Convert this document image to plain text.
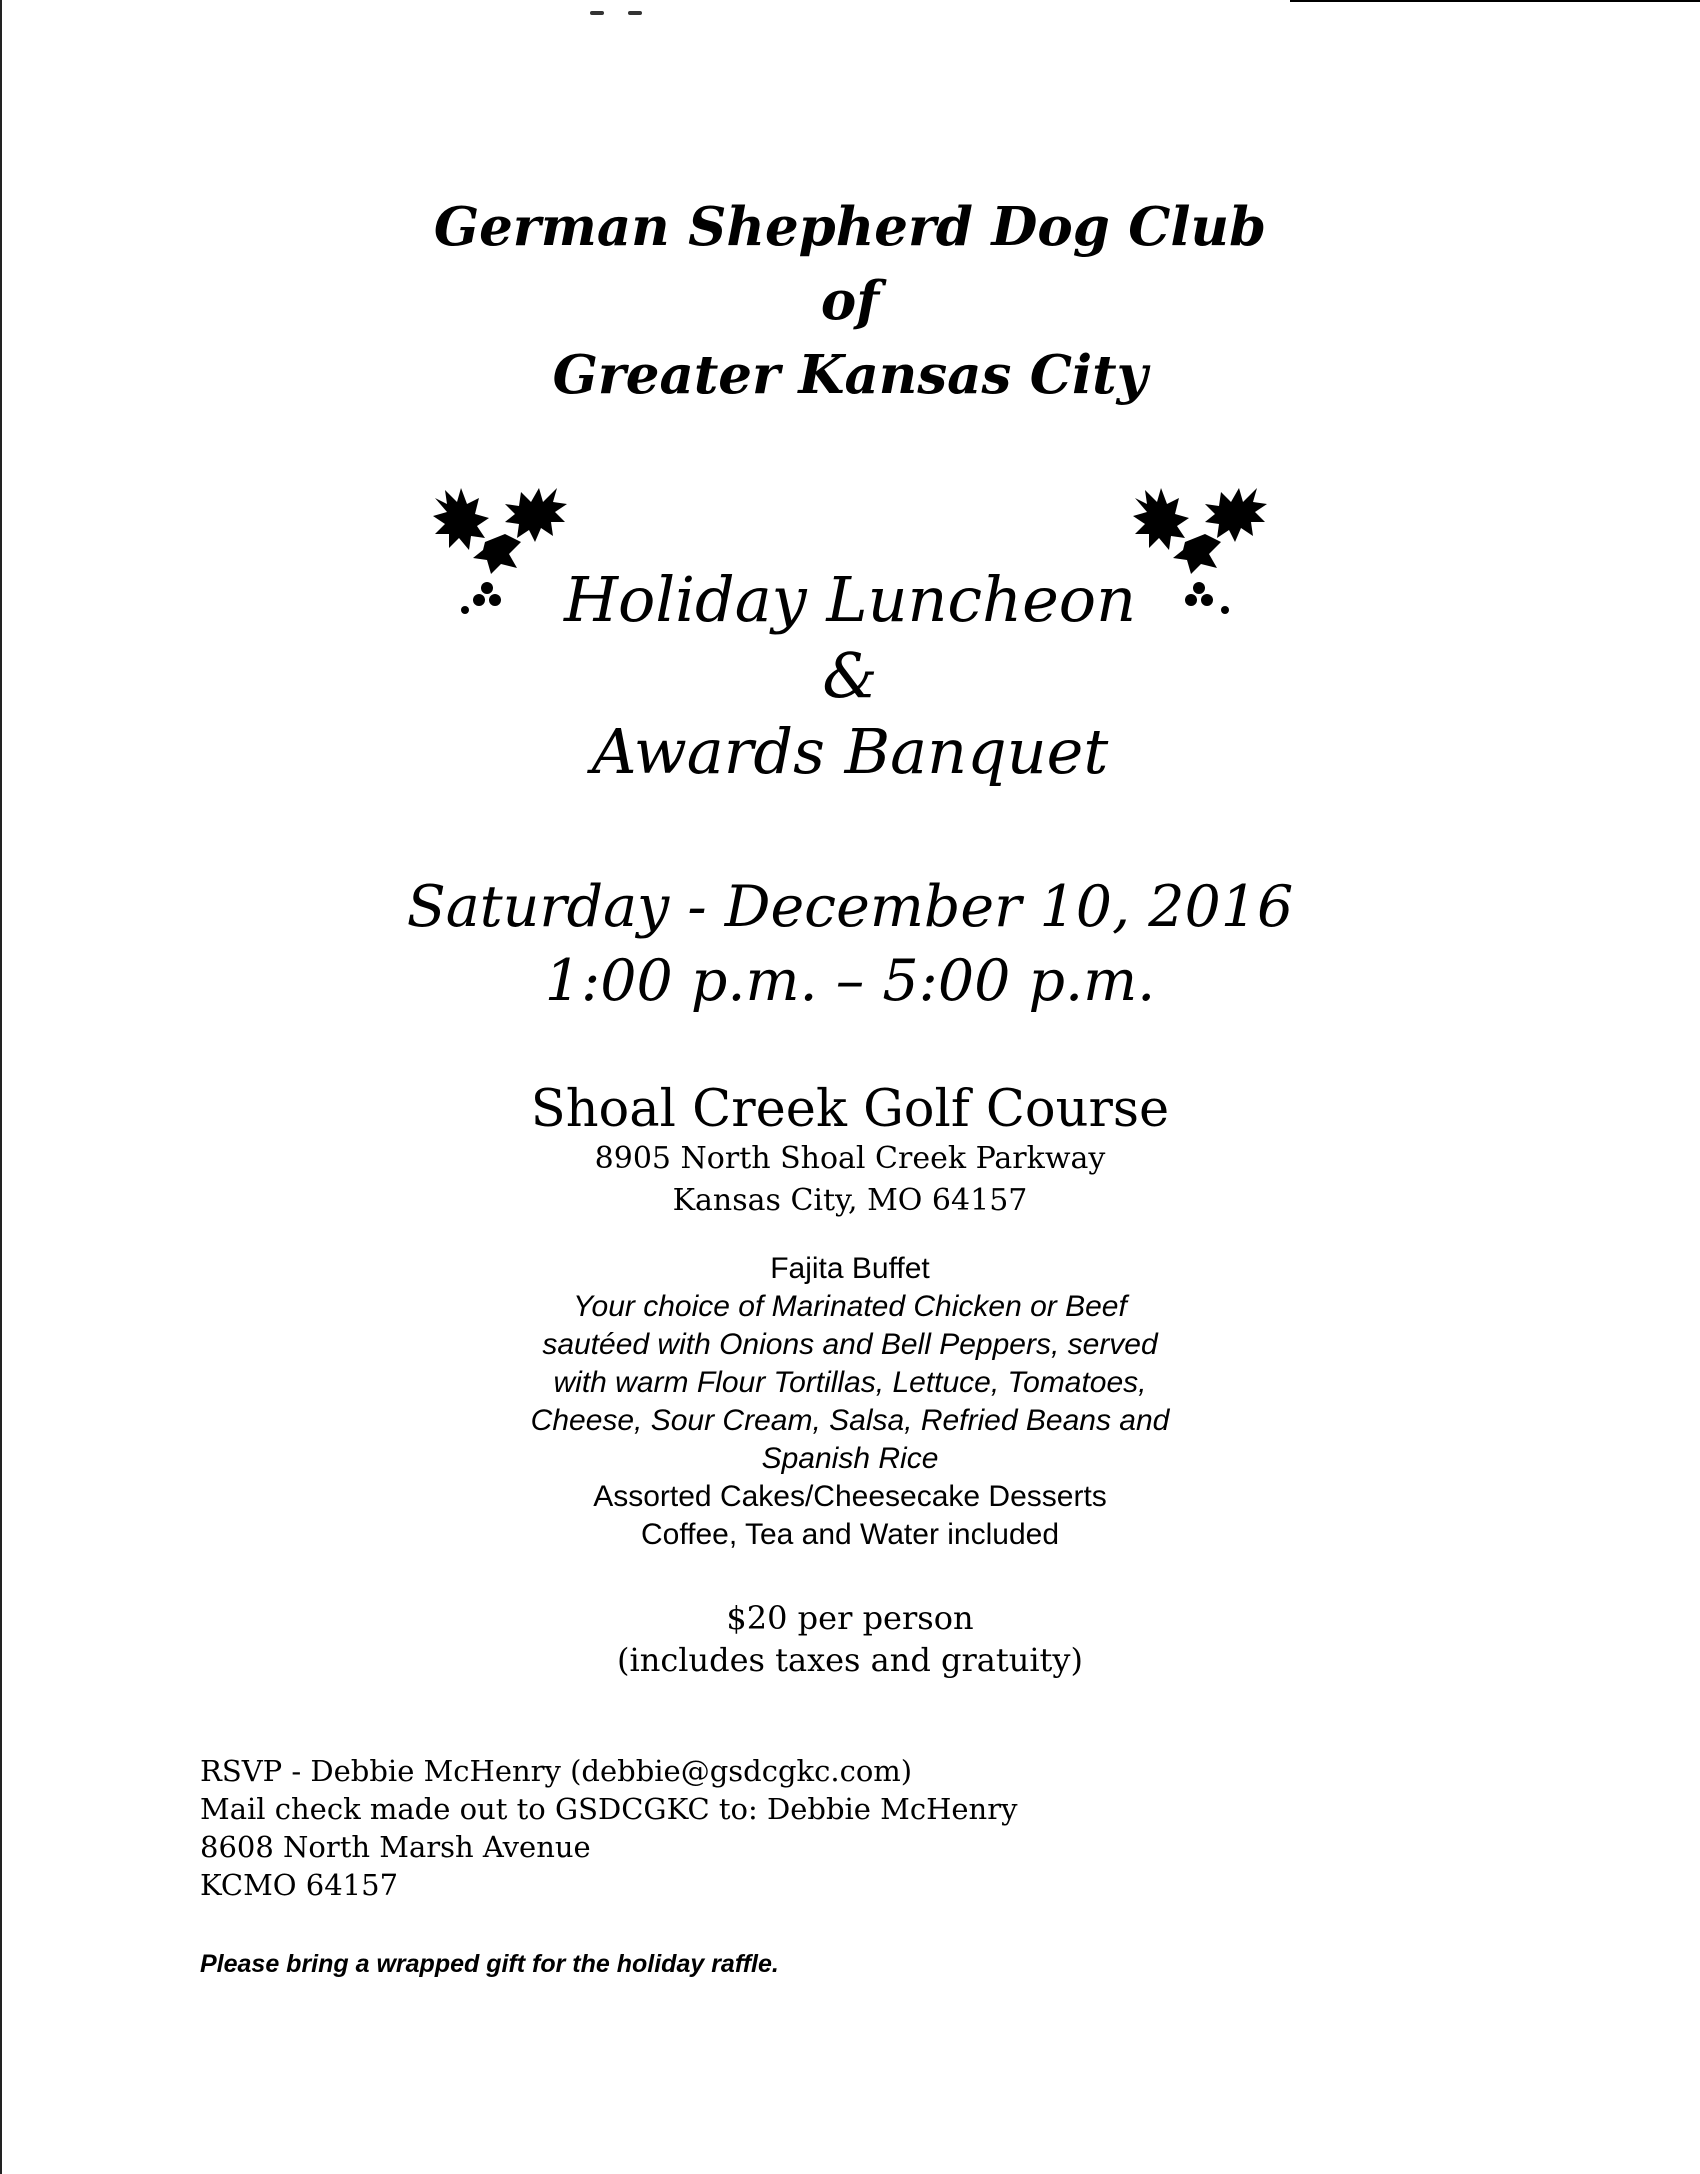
German Shepherd Dog Club
of
Greater Kansas City
Holiday Luncheon
&
Awards Banquet
Saturday - December 10, 2016
1:00 p.m. – 5:00 p.m.
Shoal Creek Golf Course
8905 North Shoal Creek Parkway
Kansas City, MO 64157
Fajita Buffet
Your choice of Marinated Chicken or Beef
sautéed with Onions and Bell Peppers, served
with warm Flour Tortillas, Lettuce, Tomatoes,
Cheese, Sour Cream, Salsa, Refried Beans and
Spanish Rice
Assorted Cakes/Cheesecake Desserts
Coffee, Tea and Water included
$20 per person
(includes taxes and gratuity)
RSVP - Debbie McHenry (debbie@gsdcgkc.com)
Mail check made out to GSDCGKC to: Debbie McHenry
8608 North Marsh Avenue
KCMO 64157
Please bring a wrapped gift for the holiday raffle.
